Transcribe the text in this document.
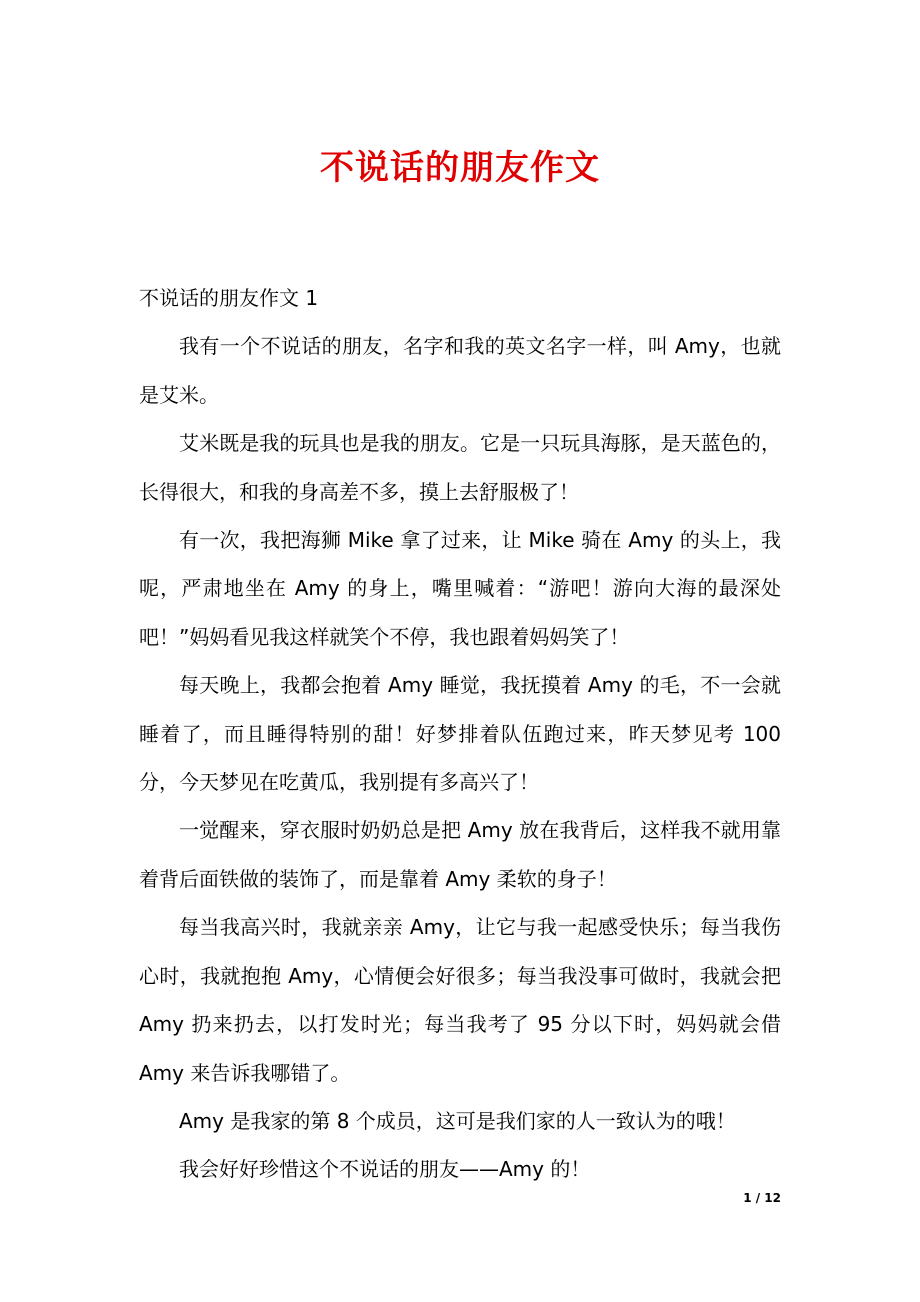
不说话的朋友作文

不说话的朋友作文 1

我有一个不说话的朋友，名字和我的英文名字一样，叫 Amy，也就是艾米。

艾米既是我的玩具也是我的朋友。它是一只玩具海豚，是天蓝色的，长得很大，和我的身高差不多，摸上去舒服极了！

有一次，我把海狮 Mike 拿了过来，让 Mike 骑在 Amy 的头上，我呢，严肃地坐在 Amy 的身上，嘴里喊着：“游吧！游向大海的最深处吧！”妈妈看见我这样就笑个不停，我也跟着妈妈笑了！

每天晚上，我都会抱着 Amy 睡觉，我抚摸着 Amy 的毛，不一会就睡着了，而且睡得特别的甜！好梦排着队伍跑过来，昨天梦见考 100 分，今天梦见在吃黄瓜，我别提有多高兴了！

一觉醒来，穿衣服时奶奶总是把 Amy 放在我背后，这样我不就用靠着背后面铁做的装饰了，而是靠着 Amy 柔软的身子！

每当我高兴时，我就亲亲 Amy，让它与我一起感受快乐；每当我伤心时，我就抱抱 Amy，心情便会好很多；每当我没事可做时，我就会把 Amy 扔来扔去，以打发时光；每当我考了 95 分以下时，妈妈就会借 Amy 来告诉我哪错了。

Amy 是我家的第 8 个成员，这可是我们家的人一致认为的哦！

我会好好珍惜这个不说话的朋友——Amy 的！

1 / 12
